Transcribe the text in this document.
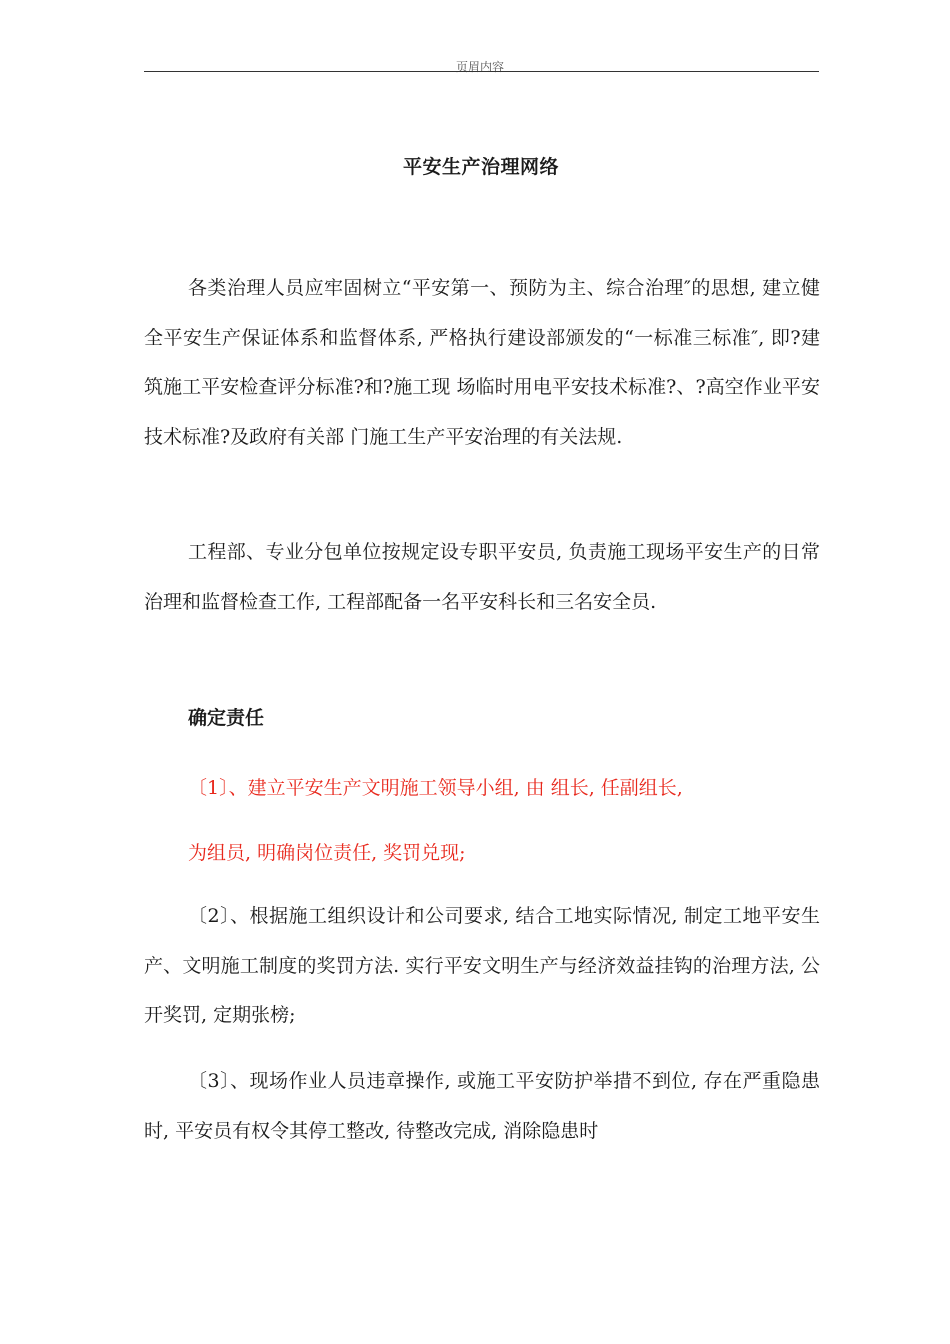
页眉内容
平安生产治理网络

各类治理人员应牢固树立“平安第一、预防为主、综合治理″的思想, 建立健全平安生产保证体系和监督体系, 严格执行建设部颁发的“一标准三标准″, 即?建筑施工平安检查评分标准?和?施工现 场临时用电平安技术标准?、?高空作业平安技术标准?及政府有关部 门施工生产平安治理的有关法规.

工程部、专业分包单位按规定设专职平安员, 负责施工现场平安生产的日常治理和监督检查工作, 工程部配备一名平安科长和三名安全员.

确定责任

〔1〕、建立平安生产文明施工领导小组, 由 组长, 任副组长,

为组员, 明确岗位责任, 奖罚兑现;

〔2〕、根据施工组织设计和公司要求, 结合工地实际情况, 制定工地平安生产、文明施工制度的奖罚方法. 实行平安文明生产与经济效益挂钩的治理方法, 公开奖罚, 定期张榜;

〔3〕、现场作业人员违章操作, 或施工平安防护举措不到位, 存在严重隐患时, 平安员有权令其停工整改, 待整改完成, 消除隐患时
